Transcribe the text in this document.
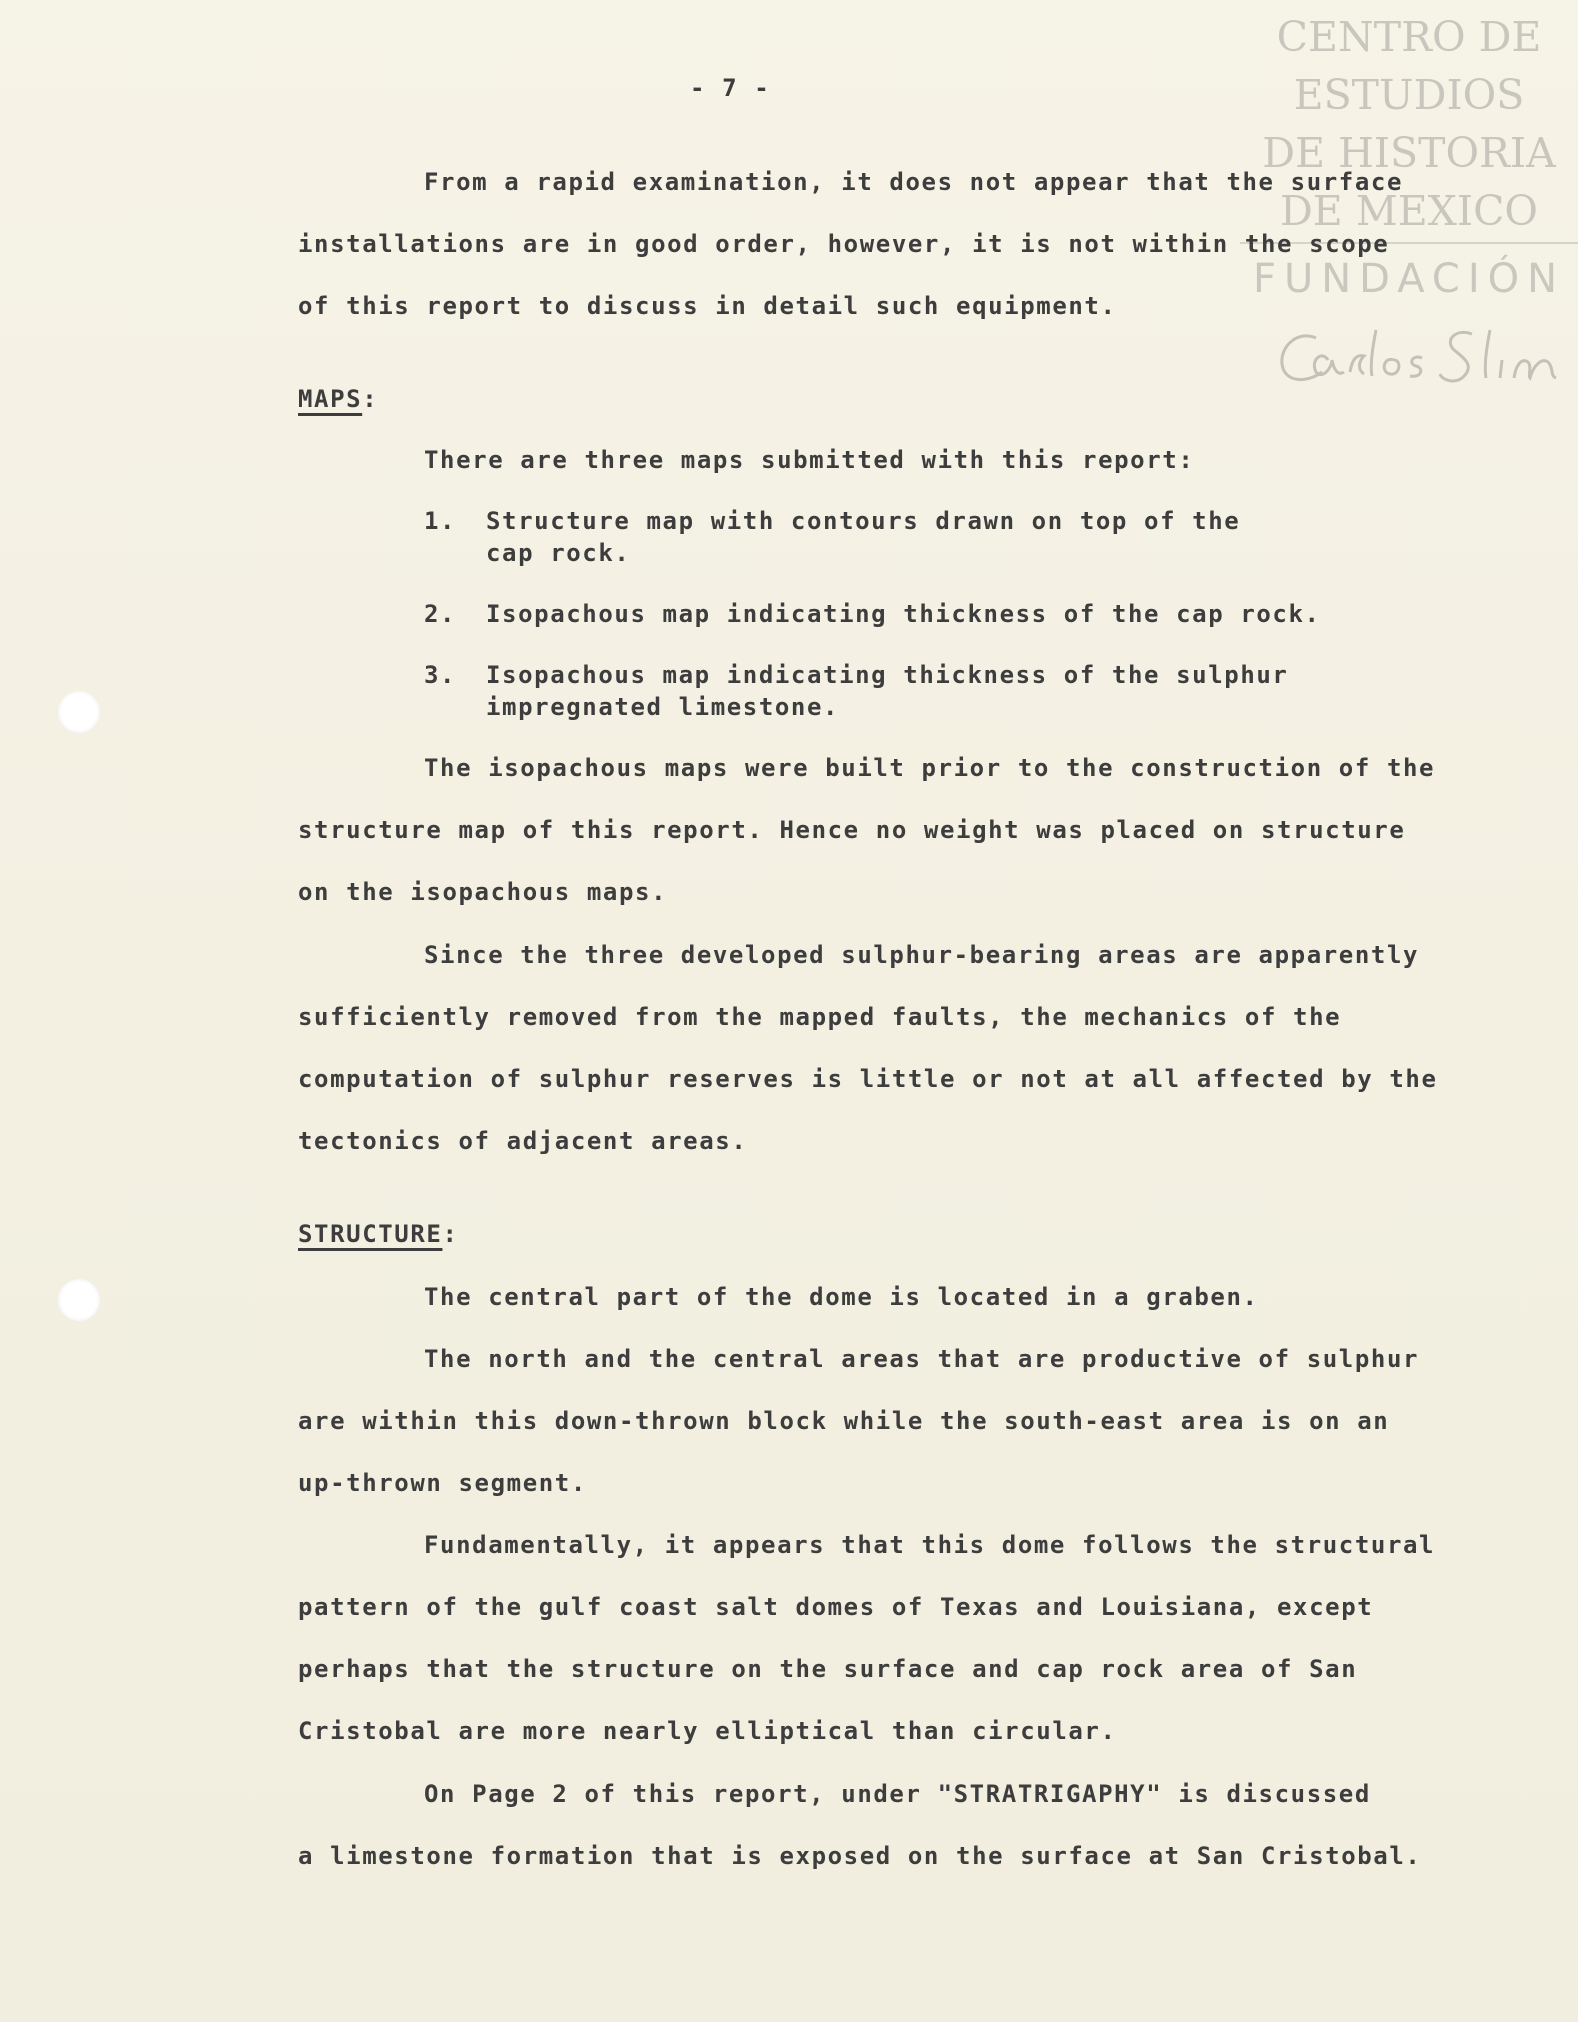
CENTRO DE
ESTUDIOS
DE HISTORIA
DE MEXICO
FUNDACIÓN
- 7 -
From a rapid examination, it does not appear that the surface
installations are in good order, however, it is not within the scope
of this report to discuss in detail such equipment.
MAPS:
There are three maps submitted with this report:
1. Structure map with contours drawn on top of the
cap rock.
2. Isopachous map indicating thickness of the cap rock.
3. Isopachous map indicating thickness of the sulphur
impregnated limestone.
The isopachous maps were built prior to the construction of the
structure map of this report. Hence no weight was placed on structure
on the isopachous maps.
Since the three developed sulphur-bearing areas are apparently
sufficiently removed from the mapped faults, the mechanics of the
computation of sulphur reserves is little or not at all affected by the
tectonics of adjacent areas.
STRUCTURE:
The central part of the dome is located in a graben.
The north and the central areas that are productive of sulphur
are within this down-thrown block while the south-east area is on an
up-thrown segment.
Fundamentally, it appears that this dome follows the structural
pattern of the gulf coast salt domes of Texas and Louisiana, except
perhaps that the structure on the surface and cap rock area of San
Cristobal are more nearly elliptical than circular.
On Page 2 of this report, under "STRATRIGAPHY" is discussed
a limestone formation that is exposed on the surface at San Cristobal.
